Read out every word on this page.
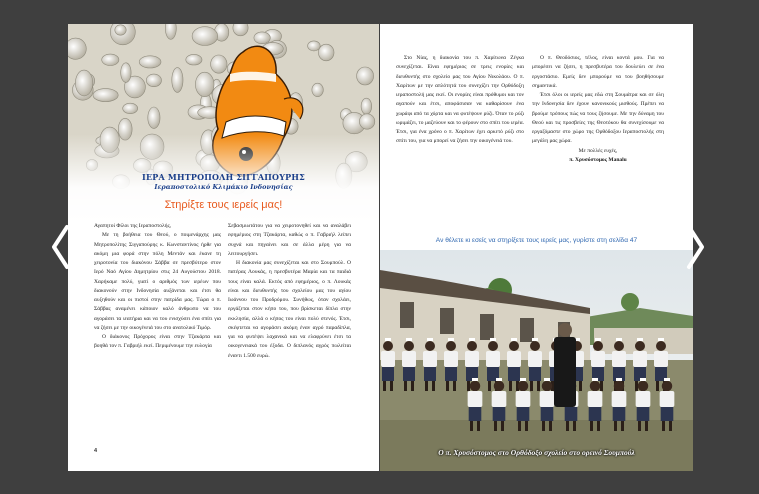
ΙΕΡΑ ΜΗΤΡΟΠΟΛΗ ΣΙΓΓΑΠΟΥΡΗΣ
Ιεραποστολικό Κλιμάκιο Ινδονησίας
Στηρίξτε τους ιερείς μας!

Αγαπητοί Φίλοι της Ιεραποστολής,

Με τη βοήθεια του Θεού, ο ποιμενάρχης μας Μητροπολίτης Σιγγαπούρης κ. Κωνσταντίνος ήρθε για ακόμη μια φορά στην πόλη Μεντάν και έκανε τη χειροτονία του διακόνου Σάββα σε πρεσβύτερο στον Ιερό Ναό Αγίου Δημητρίου στις 24 Αυγούστου 2018. Χαρήκαμε πολύ, γιατί ο αριθμός των ιερέων που διακονούν στην Ινδονησία αυξάνεται και έτσι θα αυξηθούν και οι πιστοί στην πατρίδα μας. Τώρα ο π. Σάββας αναμένει κάποιον καλό άνθρωπο να του αγοράσει τα ιεατήρια και να του ενισχύσει ένα σπίτι για να ζήσει με την οικογένειά του στο ανατολικό Τιμόρ.

Ο διάκονος Πρόχορος είναι στην Τζακάρτα και βοηθά τον π. Γαβριήλ εκεί. Περιμένουμε την ευλογία

Σεβασμιωτάτου για να χειροτονηθεί και να αναλάβει εφημέριος στη Τζακάρτα, καθώς ο π. Γαβριήλ λείπει συχνά και πηγαίνει και σε άλλα μέρη για να λειτουργήσει.

Η διακονία μας συνεχίζεται και στο Σουμπούλ. Ο πατέρας Λουκάς, η πρεσβυτέρα Μαρία και τα παιδιά τους είναι καλά. Εκτός από εφημέριος, ο π. Λουκάς είναι και διευθυντής του σχολείου μας του αγίου Ιωάννου του Προδρόμου. Συνήθως, όταν σχολάει, εργάζεται στον κήπο του, που βρίσκεται δίπλα στην εκκλησία, αλλά ο κήπος του είναι πολύ στενός. Έτσι, σκέφτεται να αγοράσει ακόμη έναν αγρό παραδίπλα, για να φυτέψει λαχανικά και να ελαφρύνει έτσι τα οικογενειακά του έξοδα. Ο διπλανός αγρός πωλείται έναντι 1.500 ευρώ.

4

Στο Νίας, η διακονία του π. Χαρίτωνα Ζέγκα συνεχίζεται. Είναι εφημέριος σε τρεις ενορίες και διευθυντής στο σχολείο μας του Αγίου Νικολάου. Ο π. Χαρίτων με την απλότητά του συνεχίζει την Ορθόδοξη ιεραποστολή μας εκεί. Οι ενορίες είναι πρόθυμοι και τον αγαπούν και έτσι, αποφάσισαν να καθαρίσουν ένα χωράφι από τα χόρτα και να φυτέψουν ρύζι. Όταν το ρύζι ωριμάζει, το μαζεύουν και το φέρουν στο σπίτι του ιερέα. Έτσι, για ένα χρόνο ο π. Χαρίτων έχει αρκετό ρύζι στο σπίτι του, για να μπορεί να ζήσει την οικογένειά του.

Ο π. Θεοδόσιος, τέλος, είναι κοντά μου. Για να μπορέσει να ζήσει, η πρεσβυτέρα του δουλεύει σε ένα εργοστάσιο. Εμείς δεν μπορούμε να του βοηθήσουμε σημαντικά.

Έτσι όλοι οι ιερείς μας εδώ στη Σουμάτρα και σε όλη την Ινδονησία δεν έχουν κανονικούς μισθούς. Πρέπει να βρούμε τρόπους πώς να τους ζήσουμε. Με την δύναμη του Θεού και τις προσβείες της Θεοτόκου θα συνεχίσουμε να εργαζόμαστε στο χώρο της Ορθόδοξου Ιεραποστολής στη μεγάλη μας χώρα.

Με πολλές ευχές,

π. Χρυσόστομος Manalu

Αν θέλετε κι εσείς να στηρίξετε τους ιερείς μας, γυρίστε στη σελίδα 47
Ο π. Χρυσόστομος στο Ορθόδοξο σχολείο στο ορεινό Σουμπούλ
